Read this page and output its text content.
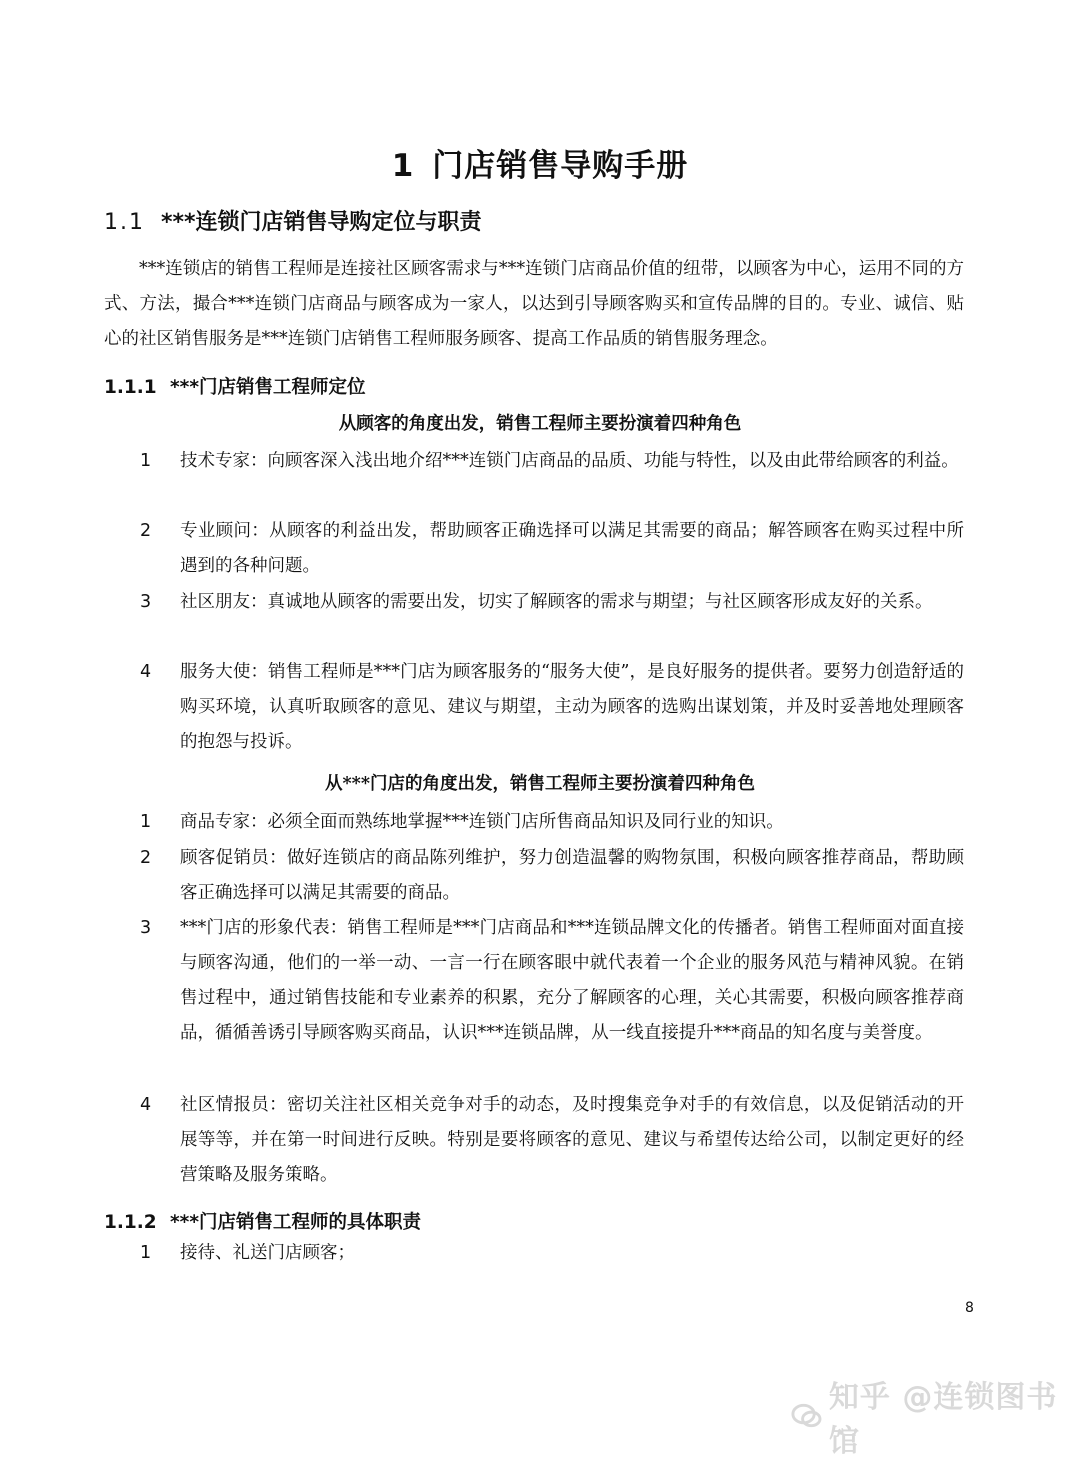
1 门店销售导购手册
1.1 ***连锁门店销售导购定位与职责

***连锁店的销售工程师是连接社区顾客需求与***连锁门店商品价值的纽带，以顾客为中心，运用不同的方式、方法，撮合***连锁门店商品与顾客成为一家人，以达到引导顾客购买和宣传品牌的目的。专业、诚信、贴心的社区销售服务是***连锁门店销售工程师服务顾客、提高工作品质的销售服务理念。

1.1.1 ***门店销售工程师定位
从顾客的角度出发，销售工程师主要扮演着四种角色
1	技术专家：向顾客深入浅出地介绍***连锁门店商品的品质、功能与特性，以及由此带给顾客的利益。
2	专业顾问：从顾客的利益出发，帮助顾客正确选择可以满足其需要的商品；解答顾客在购买过程中所遇到的各种问题。
3	社区朋友：真诚地从顾客的需要出发，切实了解顾客的需求与期望；与社区顾客形成友好的关系。
4	服务大使：销售工程师是***门店为顾客服务的“服务大使”，是良好服务的提供者。要努力创造舒适的购买环境，认真听取顾客的意见、建议与期望，主动为顾客的选购出谋划策，并及时妥善地处理顾客的抱怨与投诉。
从***门店的角度出发，销售工程师主要扮演着四种角色
1	商品专家：必须全面而熟练地掌握***连锁门店所售商品知识及同行业的知识。
2	顾客促销员：做好连锁店的商品陈列维护，努力创造温馨的购物氛围，积极向顾客推荐商品，帮助顾客正确选择可以满足其需要的商品。
3	***门店的形象代表：销售工程师是***门店商品和***连锁品牌文化的传播者。销售工程师面对面直接与顾客沟通，他们的一举一动、一言一行在顾客眼中就代表着一个企业的服务风范与精神风貌。在销售过程中，通过销售技能和专业素养的积累，充分了解顾客的心理，关心其需要，积极向顾客推荐商品，循循善诱引导顾客购买商品，认识***连锁品牌，从一线直接提升***商品的知名度与美誉度。
4	社区情报员：密切关注社区相关竞争对手的动态，及时搜集竞争对手的有效信息，以及促销活动的开展等等，并在第一时间进行反映。特别是要将顾客的意见、建议与希望传达给公司，以制定更好的经营策略及服务策略。
1.1.2 ***门店销售工程师的具体职责
1	接待、礼送门店顾客；
8
知乎 @连锁图书馆
